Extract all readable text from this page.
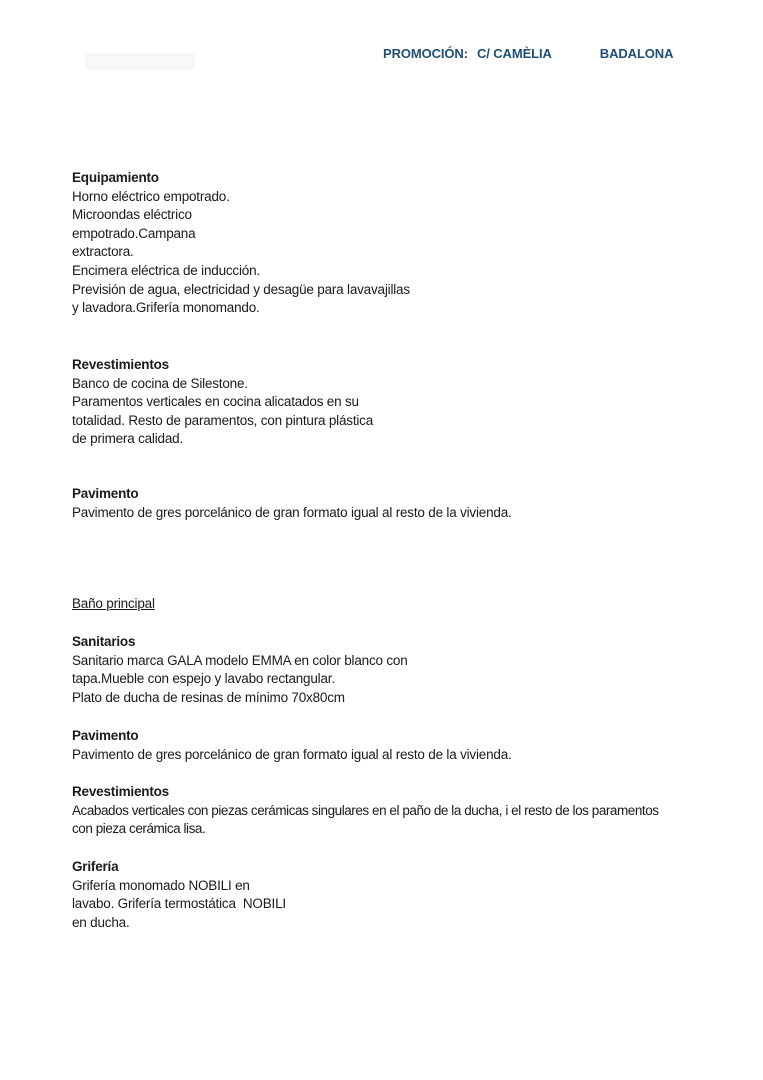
PROMOCIÓN: C/ CAMÈLIA	BADALONA
Equipamiento
Horno eléctrico empotrado.
Microondas eléctrico
empotrado.Campana
extractora.
Encimera eléctrica de inducción.
Previsión de agua, electricidad y desagüe para lavavajillas
y lavadora.Grifería monomando.
Revestimientos
Banco de cocina de Silestone.
Paramentos verticales en cocina alicatados en su
totalidad. Resto de paramentos, con pintura plástica
de primera calidad.
Pavimento
Pavimento de gres porcelánico de gran formato igual al resto de la vivienda.
Baño principal
Sanitarios
Sanitario marca GALA modelo EMMA en color blanco con
tapa.Mueble con espejo y lavabo rectangular.
Plato de ducha de resinas de mínimo 70x80cm
Pavimento
Pavimento de gres porcelánico de gran formato igual al resto de la vivienda.
Revestimientos
Acabados verticales con piezas cerámicas singulares en el paño de la ducha, i el resto de los paramentos
con pieza cerámica lisa.
Grifería
Grifería monomado NOBILI en
lavabo. Grifería termostática  NOBILI
en ducha.
